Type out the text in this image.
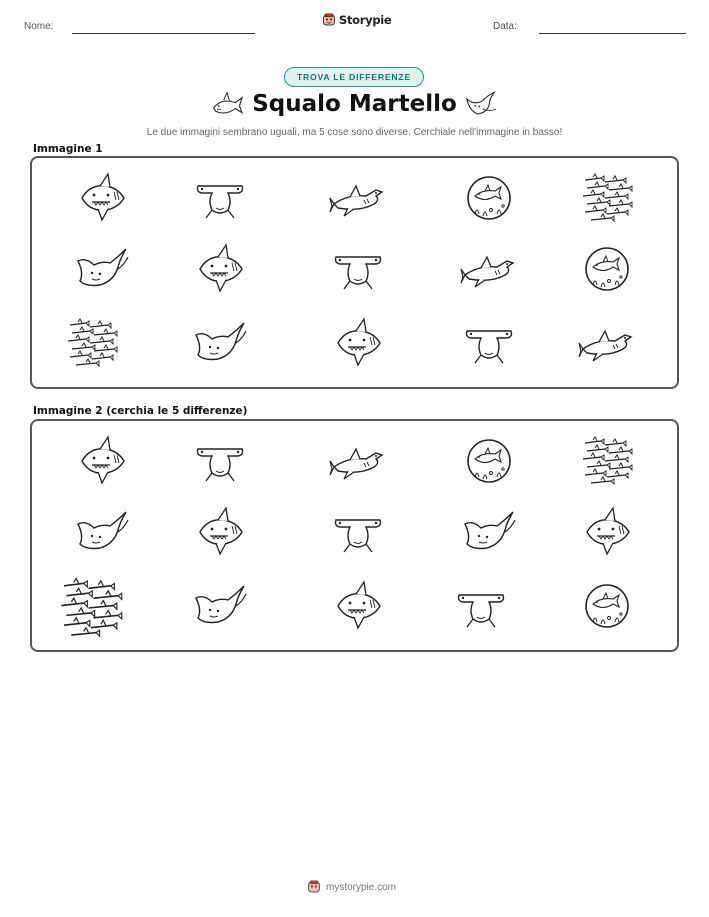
Nome:	Storypie	Data:
TROVA LE DIFFERENZE
Squalo Martello
Le due immagini sembrano uguali, ma 5 cose sono diverse. Cerchiale nell'immagine in basso!
Immagine 1
Immagine 2 (cerchia le 5 differenze)
mystorypie.com
